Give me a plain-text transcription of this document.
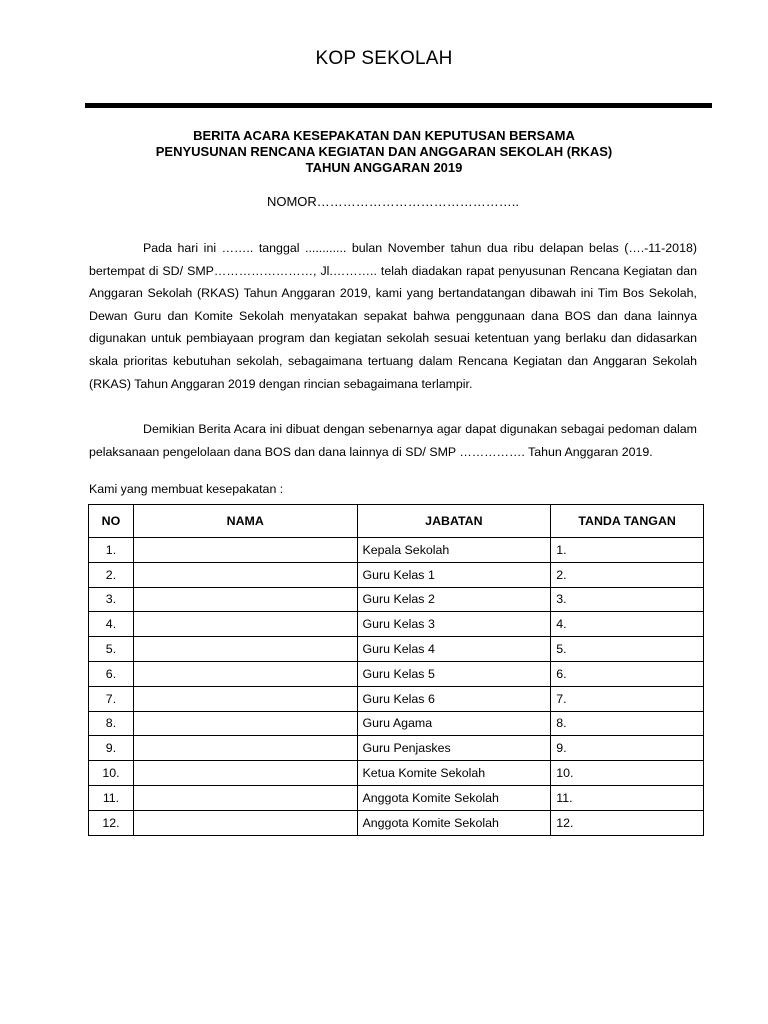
KOP SEKOLAH
BERITA ACARA KESEPAKATAN DAN KEPUTUSAN BERSAMA
PENYUSUNAN RENCANA KEGIATAN DAN ANGGARAN SEKOLAH (RKAS)
TAHUN ANGGARAN 2019
NOMOR………………………………………..

Pada hari ini …….. tanggal ............ bulan November tahun dua ribu delapan belas (….-11-2018) bertempat di SD/ SMP……………………, Jl.……….. telah diadakan rapat penyusunan Rencana Kegiatan dan Anggaran Sekolah (RKAS) Tahun Anggaran 2019, kami yang bertandatangan dibawah ini Tim Bos Sekolah, Dewan Guru dan Komite Sekolah menyatakan sepakat bahwa penggunaan dana BOS dan dana lainnya digunakan untuk pembiayaan program dan kegiatan sekolah sesuai ketentuan yang berlaku dan didasarkan skala prioritas kebutuhan sekolah, sebagaimana tertuang dalam Rencana Kegiatan dan Anggaran Sekolah (RKAS) Tahun Anggaran 2019 dengan rincian sebagaimana terlampir.

Demikian Berita Acara ini dibuat dengan sebenarnya agar dapat digunakan sebagai pedoman dalam pelaksanaan pengelolaan dana BOS dan dana lainnya di SD/ SMP ……………. Tahun Anggaran 2019.

Kami yang membuat kesepakatan :
NO	NAMA	JABATAN	TANDA TANGAN
1.		Kepala Sekolah	1.
2.		Guru Kelas 1	2.
3.		Guru Kelas 2	3.
4.		Guru Kelas 3	4.
5.		Guru Kelas 4	5.
6.		Guru Kelas 5	6.
7.		Guru Kelas 6	7.
8.		Guru Agama	8.
9.		Guru Penjaskes	9.
10.		Ketua Komite Sekolah	10.
11.		Anggota Komite Sekolah	11.
12.		Anggota Komite Sekolah	12.
